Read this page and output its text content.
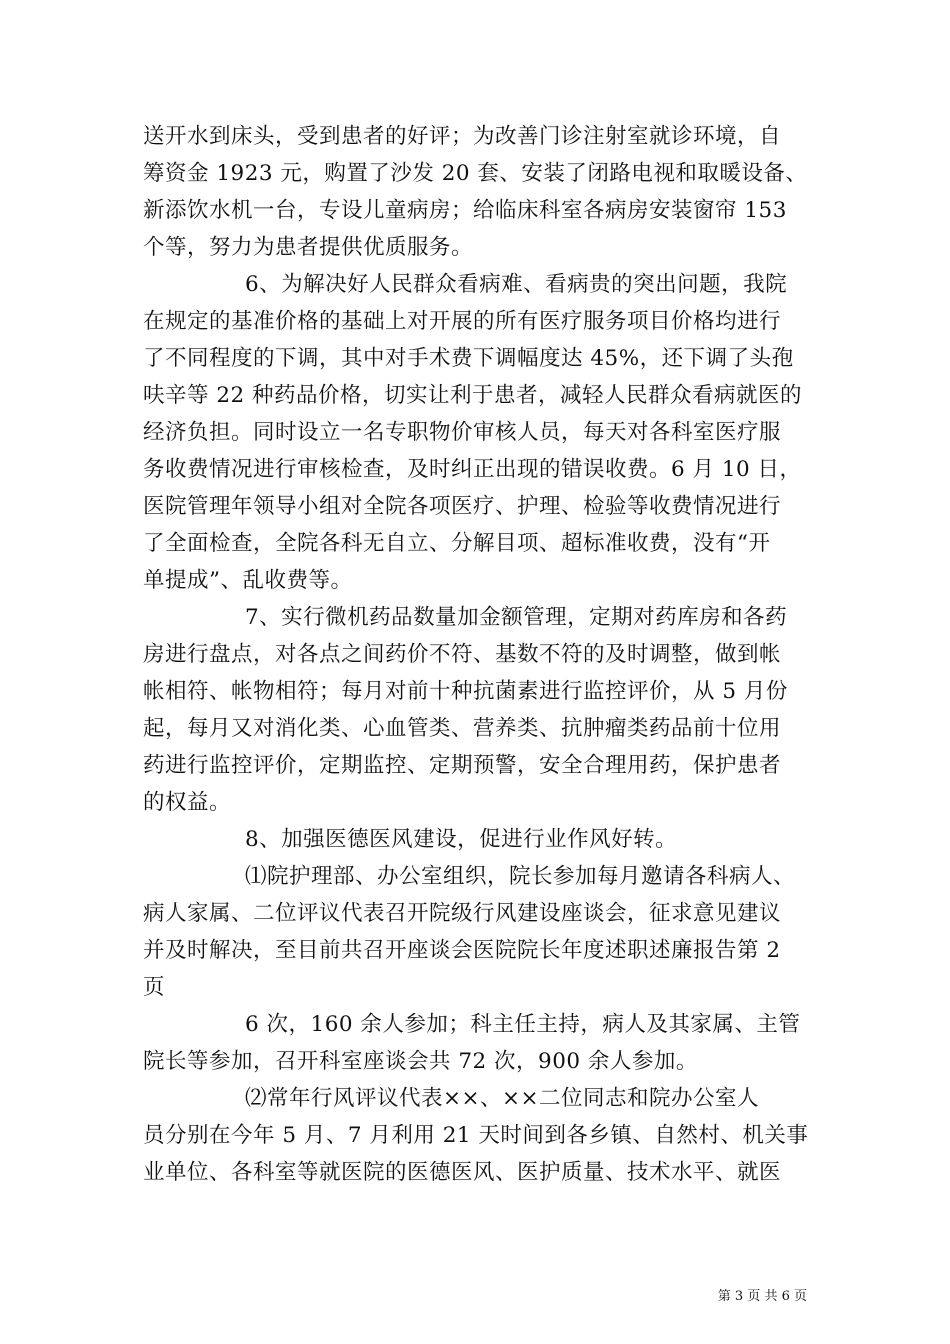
送开水到床头，受到患者的好评；为改善门诊注射室就诊环境，自
筹资金 1923 元，购置了沙发 20 套、安装了闭路电视和取暖设备、
新添饮水机一台，专设儿童病房；给临床科室各病房安装窗帘 153
个等，努力为患者提供优质服务。
6、为解决好人民群众看病难、看病贵的突出问题，我院
在规定的基准价格的基础上对开展的所有医疗服务项目价格均进行
了不同程度的下调，其中对手术费下调幅度达 45%，还下调了头孢
呋辛等 22 种药品价格，切实让利于患者，减轻人民群众看病就医的
经济负担。同时设立一名专职物价审核人员，每天对各科室医疗服
务收费情况进行审核检查，及时纠正出现的错误收费。6 月 10 日，
医院管理年领导小组对全院各项医疗、护理、检验等收费情况进行
了全面检查，全院各科无自立、分解目项、超标准收费，没有“开
单提成”、乱收费等。
7、实行微机药品数量加金额管理，定期对药库房和各药
房进行盘点，对各点之间药价不符、基数不符的及时调整，做到帐
帐相符、帐物相符；每月对前十种抗菌素进行监控评价，从 5 月份
起，每月又对消化类、心血管类、营养类、抗肿瘤类药品前十位用
药进行监控评价，定期监控、定期预警，安全合理用药，保护患者
的权益。
8、加强医德医风建设，促进行业作风好转。
⑴院护理部、办公室组织，院长参加每月邀请各科病人、
病人家属、二位评议代表召开院级行风建设座谈会，征求意见建议
并及时解决，至目前共召开座谈会医院院长年度述职述廉报告第 2
页
6 次，160 余人参加；科主任主持，病人及其家属、主管
院长等参加，召开科室座谈会共 72 次，900 余人参加。
⑵常年行风评议代表××、××二位同志和院办公室人
员分别在今年 5 月、7 月利用 21 天时间到各乡镇、自然村、机关事
业单位、各科室等就医院的医德医风、医护质量、技术水平、就医
第 3 页 共 6 页
